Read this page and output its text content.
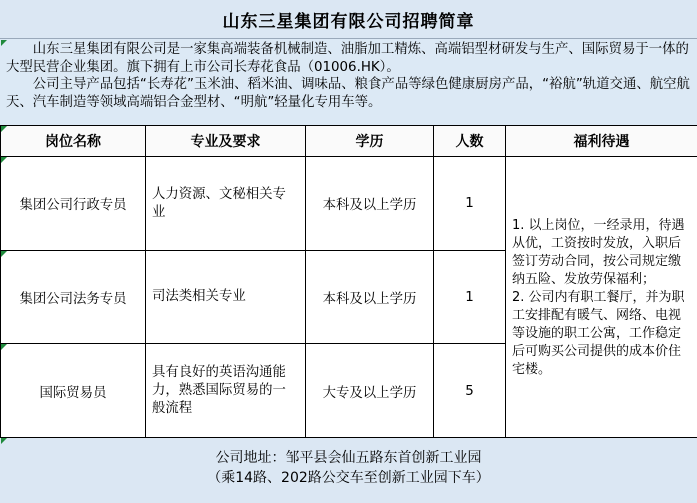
山东三星集团有限公司招聘简章

山东三星集团有限公司是一家集高端装备机械制造、油脂加工精炼、高端铝型材研发与生产、国际贸易于一体的大型民营企业集团。旗下拥有上市公司长寿花食品（01006.HK）。

公司主导产品包括“长寿花”玉米油、稻米油、调味品、粮食产品等绿色健康厨房产品，“裕航”轨道交通、航空航天、汽车制造等领域高端铝合金型材、“明航”轻量化专用车等。

岗位名称	专业及要求	学历	人数	福利待遇
集团公司行政专员	人力资源、文秘相关专业	本科及以上学历	1	1. 以上岗位，一经录用，待遇从优，工资按时发放，入职后签订劳动合同，按公司规定缴纳五险、发放劳保福利；
2. 公司内有职工餐厅，并为职工安排配有暖气、网络、电视等设施的职工公寓，工作稳定后可购买公司提供的成本价住宅楼。

集团公司法务专员	司法类相关专业	本科及以上学历	1	
国际贸易员	具有良好的英语沟通能力，熟悉国际贸易的一般流程	大专及以上学历	5	
公司地址：邹平县会仙五路东首创新工业园
（乘14路、202路公交车至创新工业园下车）
